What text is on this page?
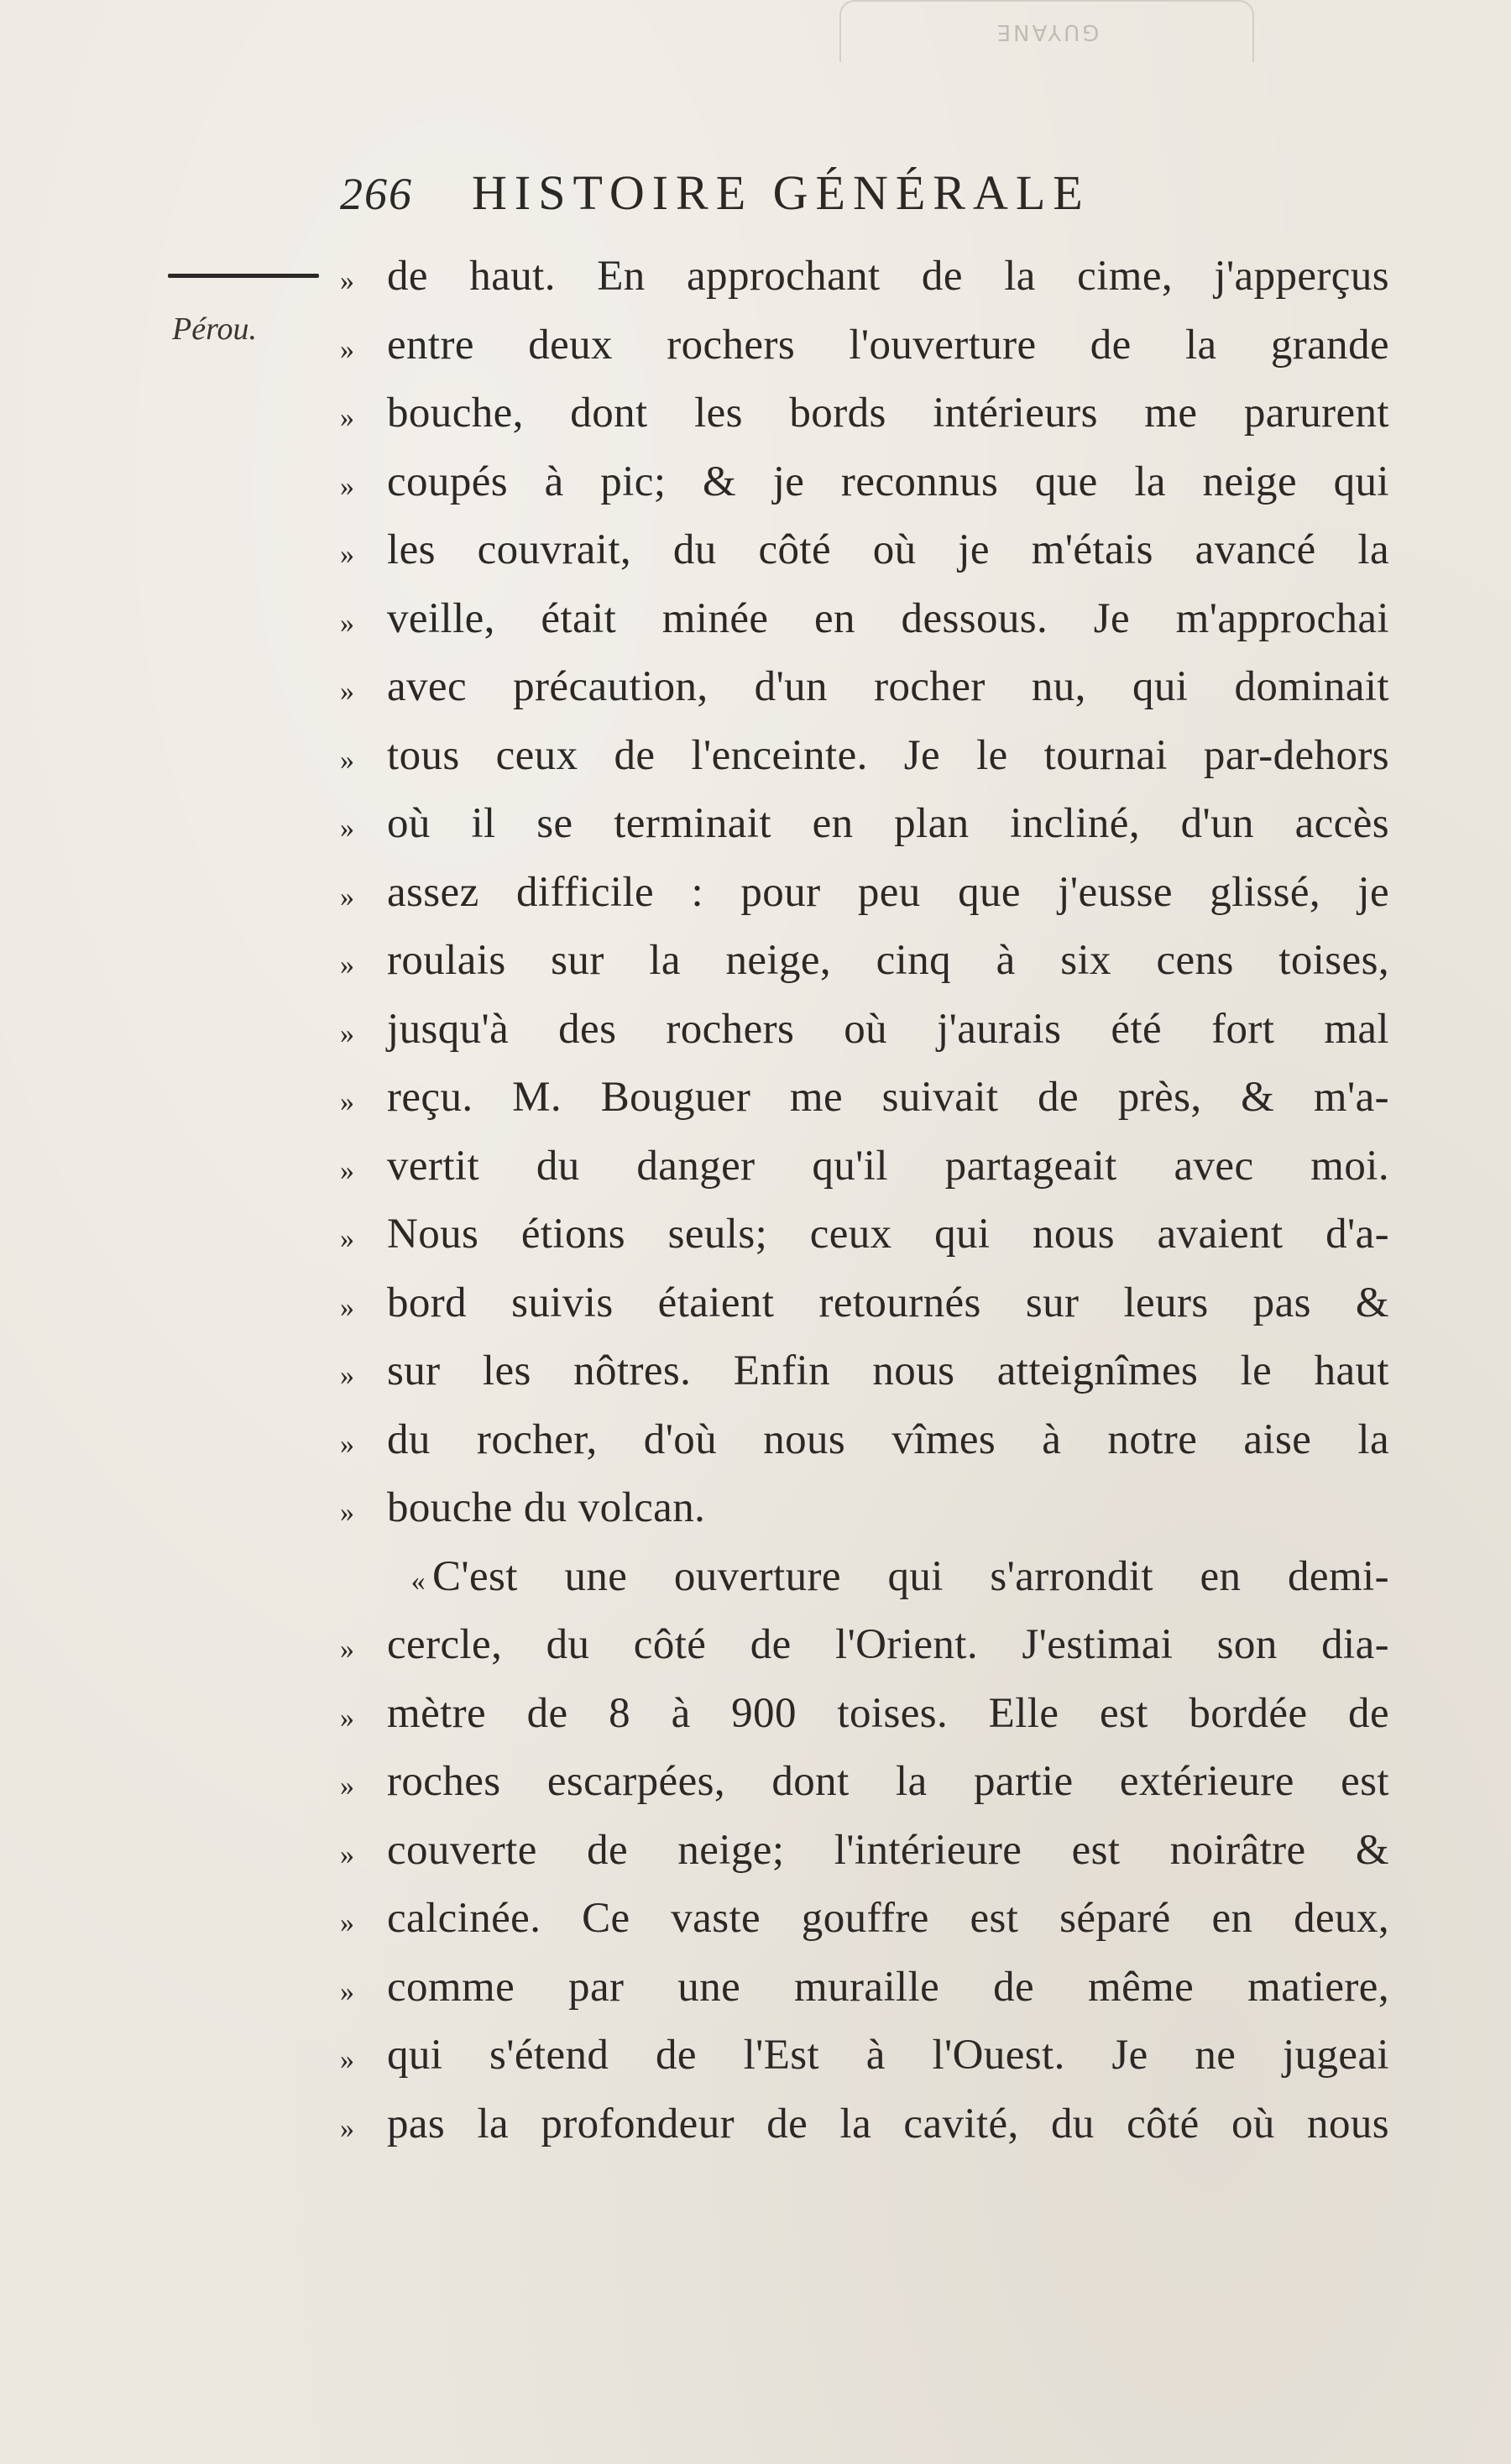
GUYANE
266 HISTOIRE GÉNÉRALE
Pérou.
» de haut. En approchant de la cime, j'apperçus
» entre deux rochers l'ouverture de la grande
» bouche, dont les bords intérieurs me parurent
» coupés à pic; & je reconnus que la neige qui
» les couvrait, du côté où je m'étais avancé la
» veille, était minée en dessous. Je m'approchai
» avec précaution, d'un rocher nu, qui dominait
» tous ceux de l'enceinte. Je le tournai par-dehors
» où il se terminait en plan incliné, d'un accès
» assez difficile : pour peu que j'eusse glissé, je
» roulais sur la neige, cinq à six cens toises,
» jusqu'à des rochers où j'aurais été fort mal
» reçu. M. Bouguer me suivait de près, & m'a-
» vertit du danger qu'il partageait avec moi.
» Nous étions seuls; ceux qui nous avaient d'a-
» bord suivis étaient retournés sur leurs pas &
» sur les nôtres. Enfin nous atteignîmes le haut
» du rocher, d'où nous vîmes à notre aise la
» bouche du volcan.
« C'est une ouverture qui s'arrondit en demi-
» cercle, du côté de l'Orient. J'estimai son dia-
» mètre de 8 à 900 toises. Elle est bordée de
» roches escarpées, dont la partie extérieure est
» couverte de neige; l'intérieure est noirâtre &
» calcinée. Ce vaste gouffre est séparé en deux,
» comme par une muraille de même matiere,
» qui s'étend de l'Est à l'Ouest. Je ne jugeai
» pas la profondeur de la cavité, du côté où nous
